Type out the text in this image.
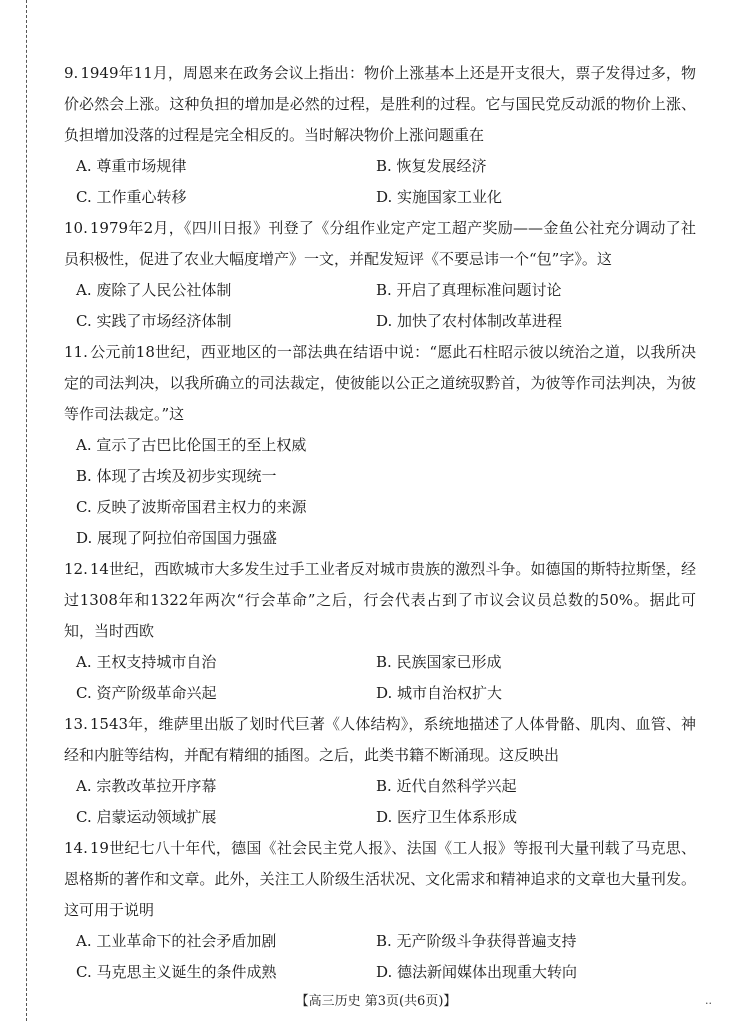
9. 1949年11月，周恩来在政务会议上指出：物价上涨基本上还是开支很大，票子发得过多，物价必然会上涨。这种负担的增加是必然的过程，是胜利的过程。它与国民党反动派的物价上涨、负担增加没落的过程是完全相反的。当时解决物价上涨问题重在

A. 尊重市场规律	B. 恢复发展经济
C. 工作重心转移	D. 实施国家工业化

10. 1979年2月，《四川日报》刊登了《分组作业定产定工超产奖励——金鱼公社充分调动了社员积极性，促进了农业大幅度增产》一文，并配发短评《不要忌讳一个“包”字》。这

A. 废除了人民公社体制	B. 开启了真理标准问题讨论
C. 实践了市场经济体制	D. 加快了农村体制改革进程

11. 公元前18世纪，西亚地区的一部法典在结语中说：“愿此石柱昭示彼以统治之道，以我所决定的司法判决，以我所确立的司法裁定，使彼能以公正之道统驭黔首，为彼等作司法判决，为彼等作司法裁定。”这

A. 宣示了古巴比伦国王的至上权威
B. 体现了古埃及初步实现统一
C. 反映了波斯帝国君主权力的来源
D. 展现了阿拉伯帝国国力强盛

12. 14世纪，西欧城市大多发生过手工业者反对城市贵族的激烈斗争。如德国的斯特拉斯堡，经过1308年和1322年两次“行会革命”之后，行会代表占到了市议会议员总数的50%。据此可知，当时西欧

A. 王权支持城市自治	B. 民族国家已形成
C. 资产阶级革命兴起	D. 城市自治权扩大

13. 1543年，维萨里出版了划时代巨著《人体结构》，系统地描述了人体骨骼、肌肉、血管、神经和内脏等结构，并配有精细的插图。之后，此类书籍不断涌现。这反映出

A. 宗教改革拉开序幕	B. 近代自然科学兴起
C. 启蒙运动领域扩展	D. 医疗卫生体系形成

14. 19世纪七八十年代，德国《社会民主党人报》、法国《工人报》等报刊大量刊载了马克思、恩格斯的著作和文章。此外，关注工人阶级生活状况、文化需求和精神追求的文章也大量刊发。这可用于说明

A. 工业革命下的社会矛盾加剧	B. 无产阶级斗争获得普遍支持
C. 马克思主义诞生的条件成熟	D. 德法新闻媒体出现重大转向
【高三历史 第3页(共6页)】	..
